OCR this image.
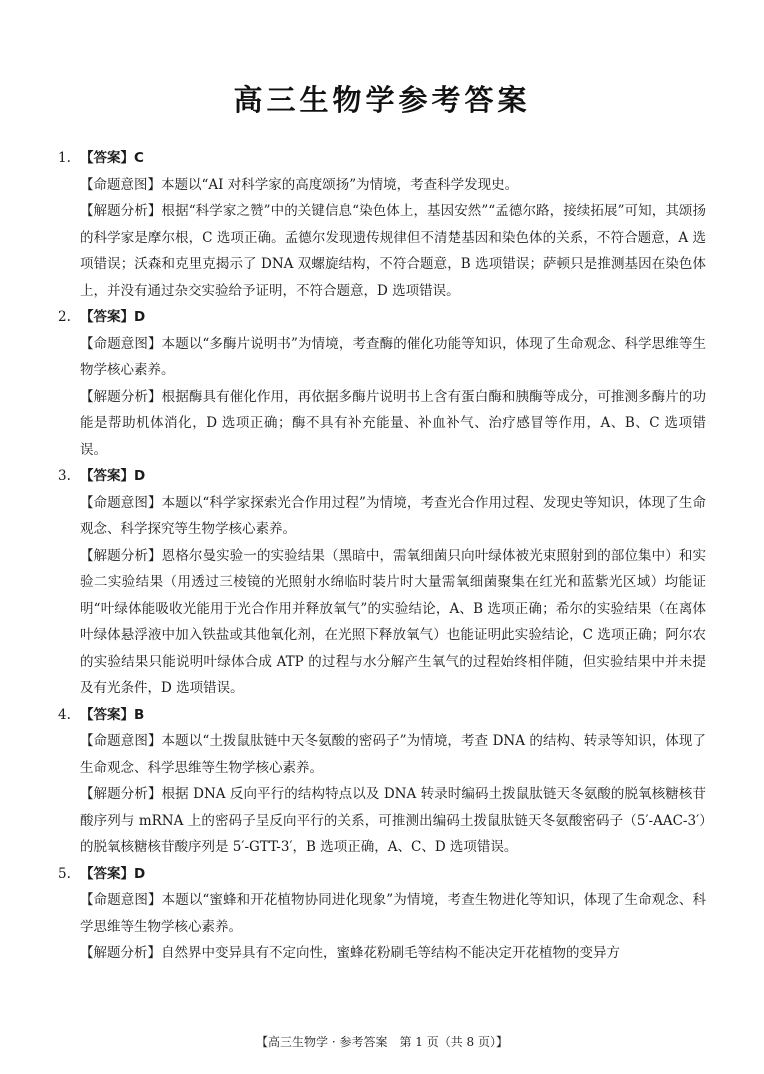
高三生物学参考答案
1. 【答案】C
【命题意图】本题以“AI 对科学家的高度颂扬”为情境，考查科学发现史。
【解题分析】根据“科学家之赞”中的关键信息“染色体上，基因安然”“孟德尔路，接续拓展”可知，其颂扬的科学家是摩尔根，C 选项正确。孟德尔发现遗传规律但不清楚基因和染色体的关系，不符合题意，A 选项错误；沃森和克里克揭示了 DNA 双螺旋结构，不符合题意，B 选项错误；萨顿只是推测基因在染色体上，并没有通过杂交实验给予证明，不符合题意，D 选项错误。
2. 【答案】D
【命题意图】本题以“多酶片说明书”为情境，考查酶的催化功能等知识，体现了生命观念、科学思维等生物学核心素养。
【解题分析】根据酶具有催化作用，再依据多酶片说明书上含有蛋白酶和胰酶等成分，可推测多酶片的功能是帮助机体消化，D 选项正确；酶不具有补充能量、补血补气、治疗感冒等作用，A、B、C 选项错误。
3. 【答案】D
【命题意图】本题以“科学家探索光合作用过程”为情境，考查光合作用过程、发现史等知识，体现了生命观念、科学探究等生物学核心素养。
【解题分析】恩格尔曼实验一的实验结果（黑暗中，需氧细菌只向叶绿体被光束照射到的部位集中）和实验二实验结果（用透过三棱镜的光照射水绵临时装片时大量需氧细菌聚集在红光和蓝紫光区域）均能证明“叶绿体能吸收光能用于光合作用并释放氧气”的实验结论，A、B 选项正确；希尔的实验结果（在离体叶绿体悬浮液中加入铁盐或其他氧化剂，在光照下释放氧气）也能证明此实验结论，C 选项正确；阿尔农的实验结果只能说明叶绿体合成 ATP 的过程与水分解产生氧气的过程始终相伴随，但实验结果中并未提及有光条件，D 选项错误。
4. 【答案】B
【命题意图】本题以“土拨鼠肽链中天冬氨酸的密码子”为情境，考查 DNA 的结构、转录等知识，体现了生命观念、科学思维等生物学核心素养。
【解题分析】根据 DNA 反向平行的结构特点以及 DNA 转录时编码土拨鼠肽链天冬氨酸的脱氧核糖核苷酸序列与 mRNA 上的密码子呈反向平行的关系，可推测出编码土拨鼠肽链天冬氨酸密码子（5′-AAC-3′）的脱氧核糖核苷酸序列是 5′-GTT-3′，B 选项正确，A、C、D 选项错误。
5. 【答案】D
【命题意图】本题以“蜜蜂和开花植物协同进化现象”为情境，考查生物进化等知识，体现了生命观念、科学思维等生物学核心素养。
【解题分析】自然界中变异具有不定向性，蜜蜂花粉刷毛等结构不能决定开花植物的变异方
【高三生物学 · 参考答案　第 1 页（共 8 页）】
